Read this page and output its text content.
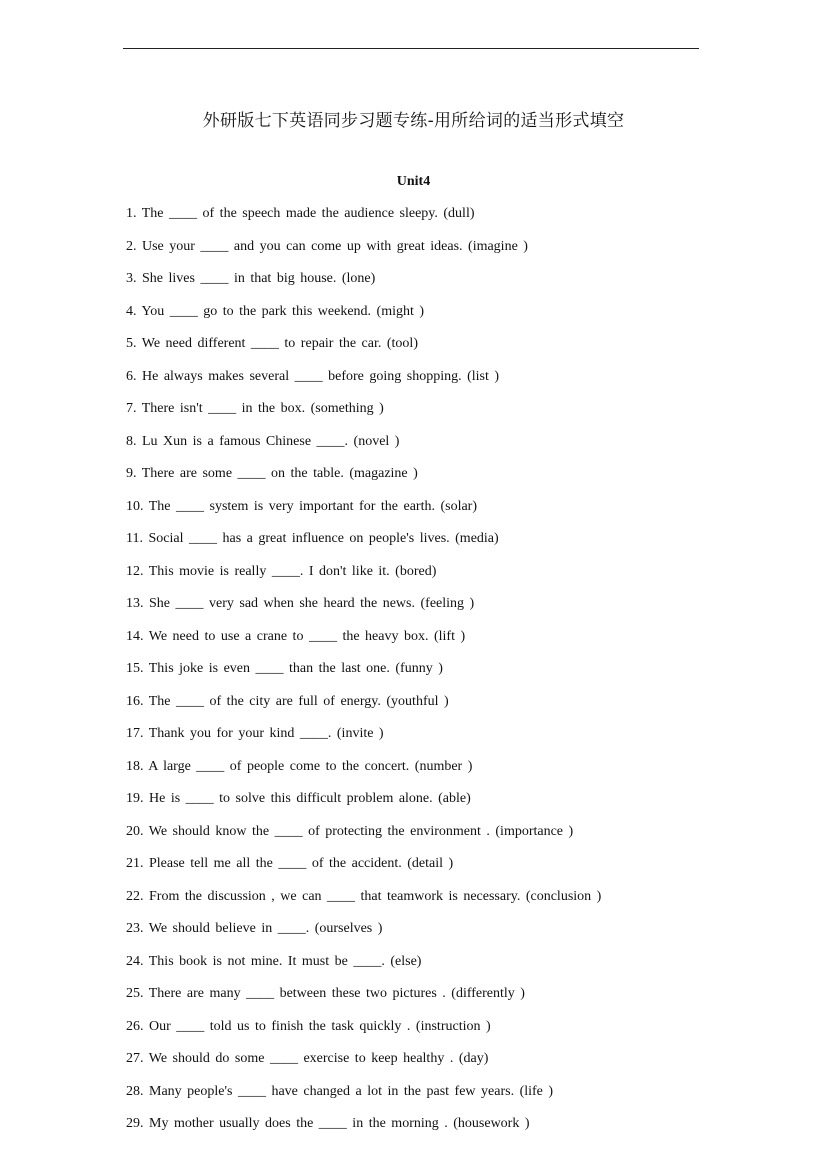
外研版七下英语同步习题专练-用所给词的适当形式填空
Unit4
1. The ____ of the speech made the audience sleepy. (dull)
2. Use your ____ and you can come up with great ideas. (imagine )
3. She lives ____ in that big house. (lone)
4. You ____ go to the park this weekend. (might )
5. We need different ____ to repair the car. (tool)
6. He always makes several ____ before going shopping. (list )
7. There isn't ____ in the box. (something )
8. Lu Xun is a famous Chinese ____. (novel )
9. There are some ____ on the table. (magazine )
10. The ____ system is very important for the earth. (solar)
11. Social ____ has a great influence on people's lives. (media)
12. This movie is really ____. I don't like it. (bored)
13. She ____ very sad when she heard the news. (feeling )
14. We need to use a crane to ____ the heavy box. (lift )
15. This joke is even ____ than the last one. (funny )
16. The ____ of the city are full of energy. (youthful )
17. Thank you for your kind ____. (invite )
18. A large ____ of people come to the concert. (number )
19. He is ____ to solve this difficult problem alone. (able)
20. We should know the ____ of protecting the environment . (importance )
21. Please tell me all the ____ of the accident. (detail )
22. From the discussion , we can ____ that teamwork is necessary. (conclusion )
23. We should believe in ____. (ourselves )
24. This book is not mine. It must be ____. (else)
25. There are many ____ between these two pictures . (differently )
26. Our ____ told us to finish the task quickly . (instruction )
27. We should do some ____ exercise to keep healthy . (day)
28. Many people's ____ have changed a lot in the past few years. (life )
29. My mother usually does the ____ in the morning . (housework )
